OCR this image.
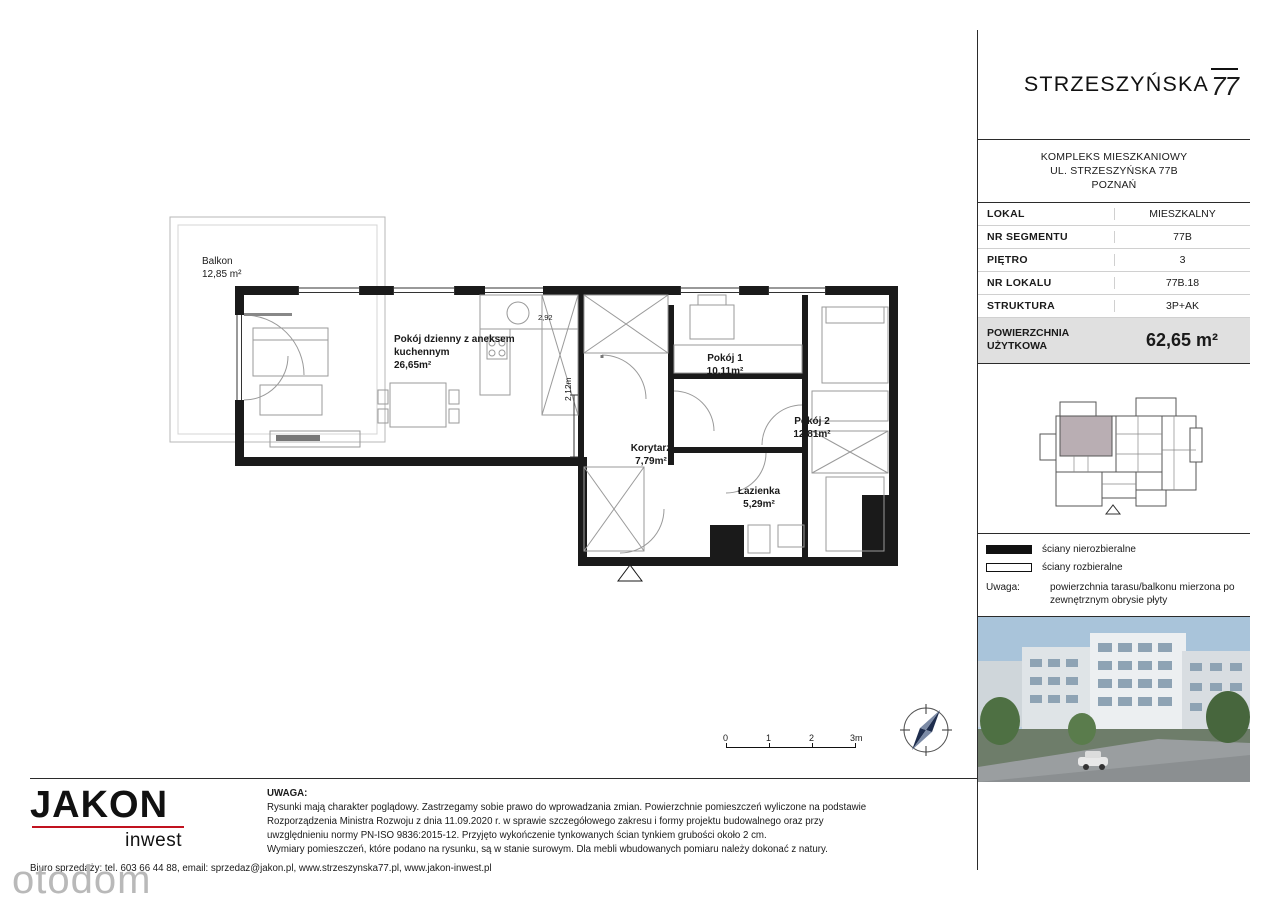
Balkon
12,85 m²
Pokój dzienny z aneksem kuchennym
26,65m²
Pokój 1
10,11m²
Pokój 2
12,81m²
Korytarz
7,79m²
Łazienka
5,29m²
2,12m
2,92
0	1	2	3m
STRZESZYŃSKA 77
KOMPLEKS MIESZKANIOWY
UL. STRZESZYŃSKA 77B
POZNAŃ
LOKAL	MIESZKALNY
NR SEGMENTU	77B
PIĘTRO	3
NR LOKALU	77B.18
STRUKTURA	3P+AK
POWIERZCHNIA
UŻYTKOWA	62,65 m²
ściany nierozbieralne
ściany rozbieralne
Uwaga:	powierzchnia tarasu/balkonu mierzona po zewnętrznym obrysie płyty
JAKON
inwest
UWAGA:
Rysunki mają charakter poglądowy. Zastrzegamy sobie prawo do wprowadzania zmian. Powierzchnie pomieszczeń wyliczone na podstawie
Rozporządzenia Ministra Rozwoju z dnia 11.09.2020 r. w sprawie szczegółowego zakresu i formy projektu budowalnego oraz przy
uwzględnieniu normy PN-ISO 9836:2015-12. Przyjęto wykończenie tynkowanych ścian tynkiem grubości około 2 cm.
Wymiary pomieszczeń, które podano na rysunku, są w stanie surowym. Dla mebli wbudowanych pomiaru należy dokonać z natury.
Biuro sprzedaży: tel. 603 66 44 88, email: sprzedaz@jakon.pl, www.strzeszynska77.pl, www.jakon-inwest.pl
otodom
